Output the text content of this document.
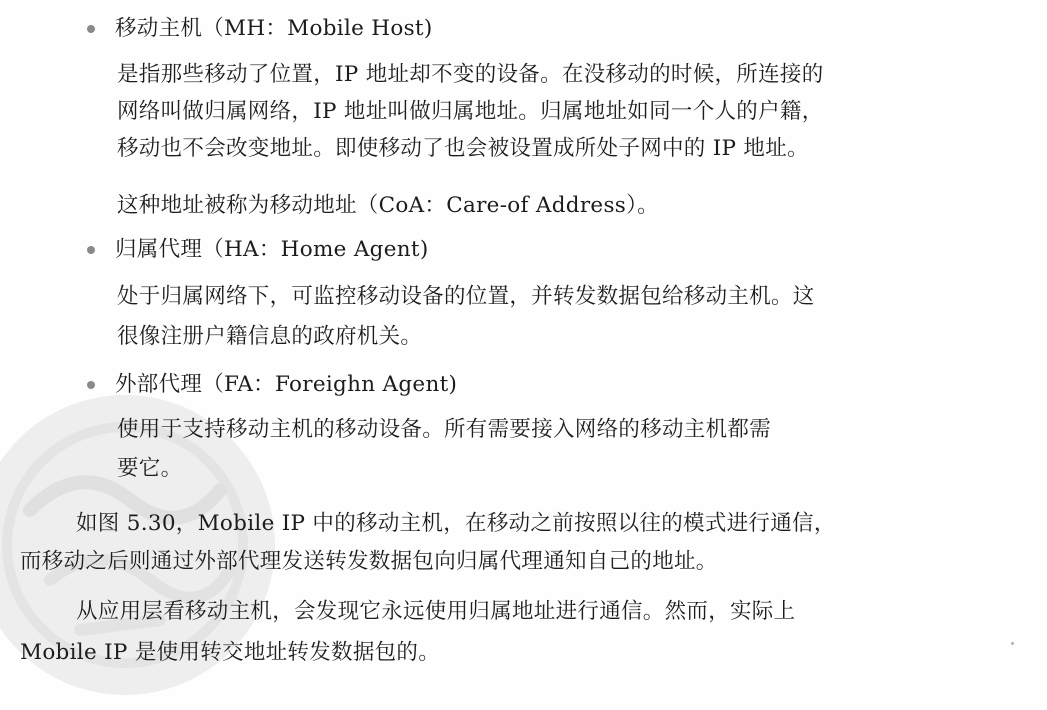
移动主机（MH：Mobile Host)
是指那些移动了位置，IP 地址却不变的设备。在没移动的时候，所连接的
网络叫做归属网络，IP 地址叫做归属地址。归属地址如同一个人的户籍，
移动也不会改变地址。即使移动了也会被设置成所处子网中的 IP 地址。
这种地址被称为移动地址（CoA：Care-of Address）。
归属代理（HA：Home Agent)
处于归属网络下，可监控移动设备的位置，并转发数据包给移动主机。这
很像注册户籍信息的政府机关。
外部代理（FA：Foreighn Agent)
使用于支持移动主机的移动设备。所有需要接入网络的移动主机都需
要它。
如图 5.30，Mobile IP 中的移动主机，在移动之前按照以往的模式进行通信，
而移动之后则通过外部代理发送转发数据包向归属代理通知自己的地址。
从应用层看移动主机，会发现它永远使用归属地址进行通信。然而，实际上
Mobile IP 是使用转交地址转发数据包的。
